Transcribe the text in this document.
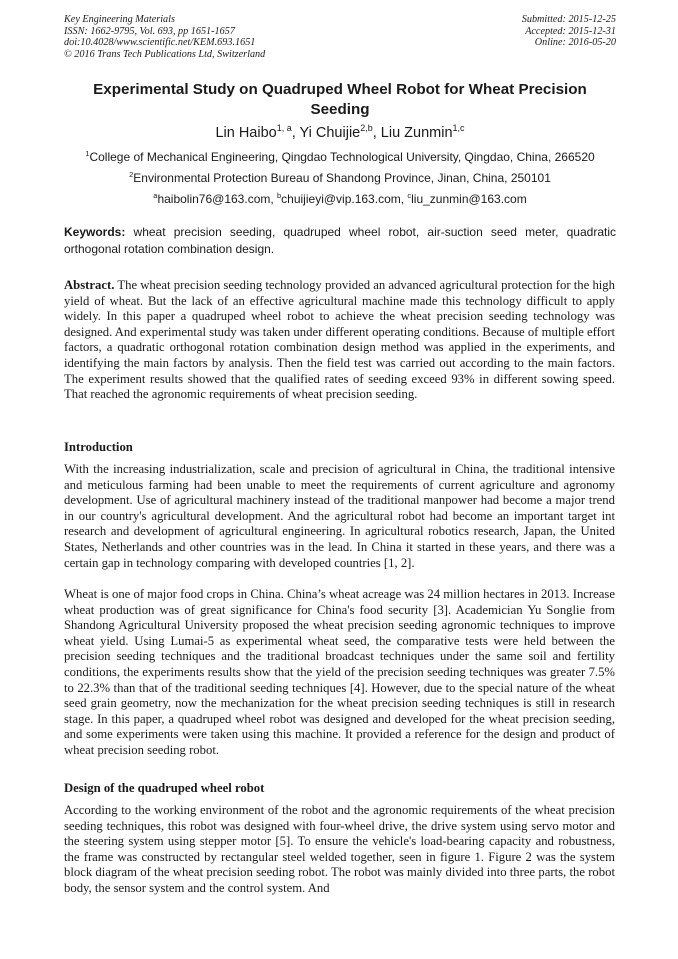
Key Engineering Materials
ISSN: 1662-9795, Vol. 693, pp 1651-1657
doi:10.4028/www.scientific.net/KEM.693.1651
© 2016 Trans Tech Publications Ltd, Switzerland
Submitted: 2015-12-25
Accepted: 2015-12-31
Online: 2016-05-20
Experimental Study on Quadruped Wheel Robot for Wheat Precision Seeding
Lin Haibo$^{1, a}$, Yi Chuijie$^{2,b}$, Liu Zunmin$^{1,c}$
$^1$College of Mechanical Engineering, Qingdao Technological University, Qingdao, China, 266520
$^2$Environmental Protection Bureau of Shandong Province, Jinan, China, 250101
$^a$haibolin76@163.com, $^b$chuijieyi@vip.163.com, $^c$liu_zunmin@163.com
Keywords: wheat precision seeding, quadruped wheel robot, air-suction seed meter, quadratic orthogonal rotation combination design.

Abstract. The wheat precision seeding technology provided an advanced agricultural protection for the high yield of wheat. But the lack of an effective agricultural machine made this technology difficult to apply widely. In this paper a quadruped wheel robot to achieve the wheat precision seeding technology was designed. And experimental study was taken under different operating conditions. Because of multiple effort factors, a quadratic orthogonal rotation combination design method was applied in the experiments, and identifying the main factors by analysis. Then the field test was carried out according to the main factors. The experiment results showed that the qualified rates of seeding exceed 93% in different sowing speed. That reached the agronomic requirements of wheat precision seeding.

Introduction

With the increasing industrialization, scale and precision of agricultural in China, the traditional intensive and meticulous farming had been unable to meet the requirements of current agriculture and agronomy development. Use of agricultural machinery instead of the traditional manpower had become a major trend in our country's agricultural development. And the agricultural robot had become an important target int research and development of agricultural engineering. In agricultural robotics research, Japan, the United States, Netherlands and other countries was in the lead. In China it started in these years, and there was a certain gap in technology comparing with developed countries [1, 2].

Wheat is one of major food crops in China. China’s wheat acreage was 24 million hectares in 2013. Increase wheat production was of great significance for China's food security [3]. Academician Yu Songlie from Shandong Agricultural University proposed the wheat precision seeding agronomic techniques to improve wheat yield. Using Lumai-5 as experimental wheat seed, the comparative tests were held between the precision seeding techniques and the traditional broadcast techniques under the same soil and fertility conditions, the experiments results show that the yield of the precision seeding techniques was greater 7.5% to 22.3% than that of the traditional seeding techniques [4]. However, due to the special nature of the wheat seed grain geometry, now the mechanization for the wheat precision seeding techniques is still in research stage. In this paper, a quadruped wheel robot was designed and developed for the wheat precision seeding, and some experiments were taken using this machine. It provided a reference for the design and product of wheat precision seeding robot.

Design of the quadruped wheel robot

According to the working environment of the robot and the agronomic requirements of the wheat precision seeding techniques, this robot was designed with four-wheel drive, the drive system using servo motor and the steering system using stepper motor [5]. To ensure the vehicle's load-bearing capacity and robustness, the frame was constructed by rectangular steel welded together, seen in figure 1. Figure 2 was the system block diagram of the wheat precision seeding robot. The robot was mainly divided into three parts, the robot body, the sensor system and the control system. And
